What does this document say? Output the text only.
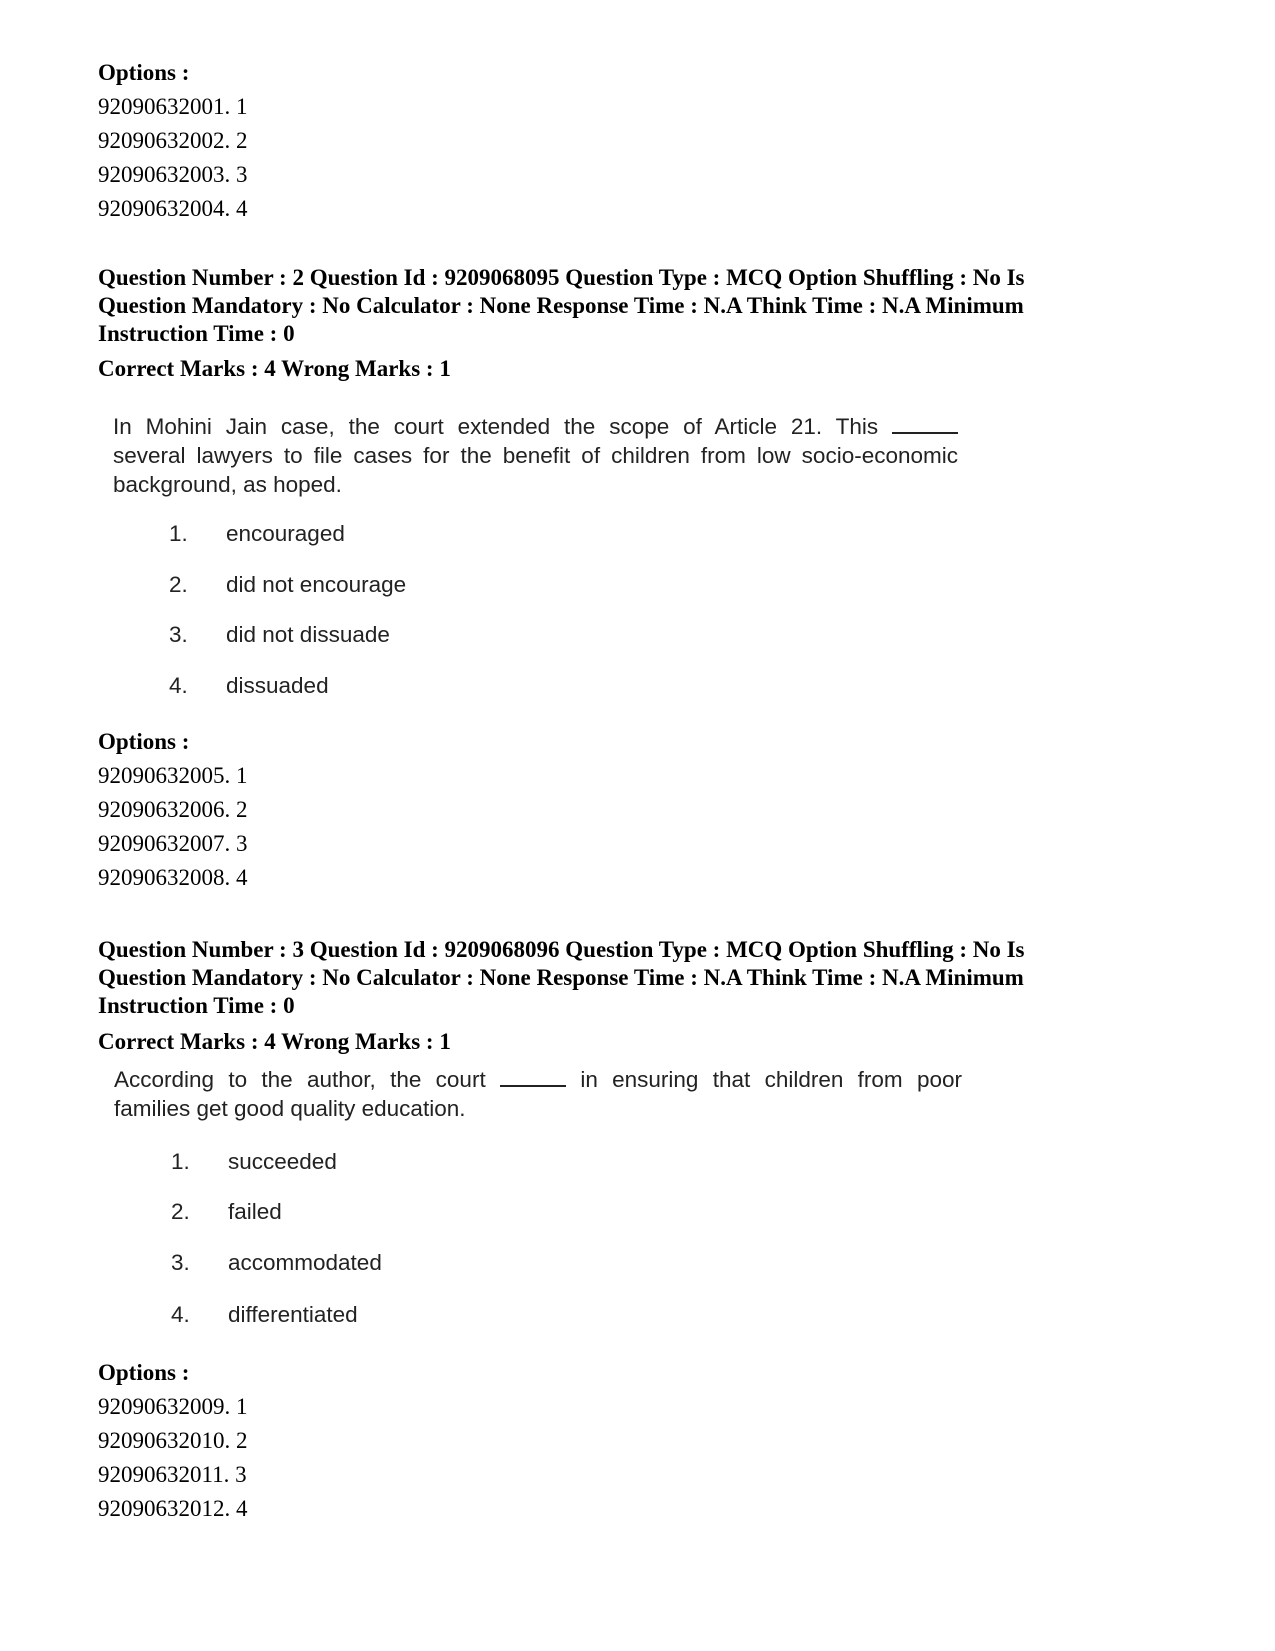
Options :
92090632001. 1
92090632002. 2
92090632003. 3
92090632004. 4
Question Number : 2 Question Id : 9209068095 Question Type : MCQ Option Shuffling : No Is
Question Mandatory : No Calculator : None Response Time : N.A Think Time : N.A Minimum
Instruction Time : 0
Correct Marks : 4 Wrong Marks : 1
In Mohini Jain case, the court extended the scope of Article 21. This
several lawyers to file cases for the benefit of children from low socio-economic
background, as hoped.
1.	encouraged
2.	did not encourage
3.	did not dissuade
4.	dissuaded
Options :
92090632005. 1
92090632006. 2
92090632007. 3
92090632008. 4
Question Number : 3 Question Id : 9209068096 Question Type : MCQ Option Shuffling : No Is
Question Mandatory : No Calculator : None Response Time : N.A Think Time : N.A Minimum
Instruction Time : 0
Correct Marks : 4 Wrong Marks : 1
According to the author, the court	in ensuring that children from poor
families get good quality education.
1.	succeeded
2.	failed
3.	accommodated
4.	differentiated
Options :
92090632009. 1
92090632010. 2
92090632011. 3
92090632012. 4
